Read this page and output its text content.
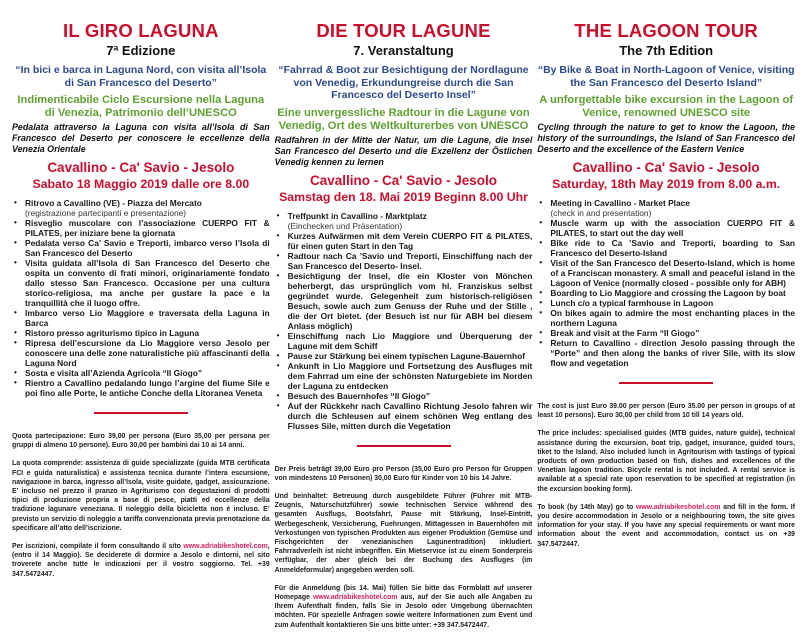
IL GIRO LAGUNA
7ª Edizione
“In bici e barca in Laguna Nord, con visita all’Isola di San Francesco del Deserto”
Indimenticabile Ciclo Escursione nella Laguna di Venezia, Patrimonio dell’UNESCO

Pedalata attraverso la Laguna con visita all’Isola di San Francesco del Deserto per conoscere le eccellenze della Venezia Orientale

Cavallino - Ca' Savio - Jesolo
Sabato 18 Maggio 2019 dalle ore 8.00
• Ritrovo a Cavallino (VE) - Piazza del Mercato
(registrazione partecipanti e presentazione)
• Risveglio muscolare con l’associazione CUERPO FIT & PILATES, per iniziare bene la giornata
• Pedalata verso Ca’ Savio e Treporti, imbarco verso l’Isola di San Francesco del Deserto
• Visita guidata all’Isola di San Francesco del Deserto che ospita un convento di frati minori, originariamente fondato dallo stesso San Francesco. Occasione per una cultura storico-religiosa, ma anche per gustare la pace e la tranquillità che il luogo offre.
• Imbarco verso Lio Maggiore e traversata della Laguna in Barca
• Ristoro presso agriturismo tipico in Laguna
• Ripresa dell’escursione da Lio Maggiore verso Jesolo per conoscere una delle zone naturalistiche più affascinanti della Laguna Nord
• Sosta e visita all’Azienda Agricola “Il Giogo”
• Rientro a Cavallino pedalando lungo l’argine del fiume Sile e poi fino alle Porte, le antiche Conche della Litoranea Veneta

Quota partecipazione: Euro 39,00 per persona (Euro 35,00 per persona per gruppi di almeno 10 persone). Euro 30,00 per bambini dai 10 ai 14 anni.

La quota comprende: assistenza di guide specializzate (guida MTB certificata FCI e guida naturalistica) e assistenza tecnica durante l’intera escursione, navigazione in barca, ingresso all’Isola, visite guidate, gadget, assicurazione. E’ incluso nel prezzo il pranzo in Agriturismo con degustazioni di prodotti tipici di produzione propria a base di pesce, piatti ed eccellenze della tradizione lagunare veneziana. Il noleggio della bicicletta non è incluso. E’ previsto un servizio di noleggio a tariffa convenzionata previa prenotazione da specificare all’atto dell’iscrizione.

Per iscrizioni, compilate il form consultando il sito www.adriabikeshotel.com, (entro il 14 Maggio). Se deciderete di dormire a Jesolo e dintorni, nel sito troverete anche tutte le indicazioni per il vostro soggiorno. Tel. +39 347.5472447.

DIE TOUR LAGUNE
7. Veranstaltung
“Fahrrad & Boot zur Besichtigung der Nordlagune von Venedig, Erkundungreise durch die San Francesco del Deserto Insel”
Eine unvergessliche Radtour in die Lagune von Venedig, Ort des Weltkulturerbes von UNESCO

Radfahren in der Mitte der Natur, um die Lagune, die Insel San Francesco del Deserto und die Exzellenz der Östlichen Venedig kennen zu lernen

Cavallino - Ca' Savio - Jesolo
Samstag den 18. Mai 2019 Beginn 8.00 Uhr
• Treffpunkt in Cavallino - Marktplatz
(Einchecken und Präsentation)
• Kurzes Aufwärmen mit dem Verein CUERPO FIT & PILATES, für einen guten Start in den Tag
• Radtour nach Ca ’Savio und Treporti, Einschiffung nach der San Francesco del Deserto- Insel.
• Besichtigung der Insel, die ein Kloster von Mönchen beherbergt, das ursprünglich vom hl. Franziskus selbst gegründet wurde. Gelegenheit zum historisch-religiösen Besuch, sowie auch zum Genuss der Ruhe und der Stille , die der Ort bietet. (der Besuch ist nur für ABH bei diesem Anlass möglich)
• Einschiffung nach Lio Maggiore und Überquerung der Lagune mit dem Schiff
• Pause zur Stärkung bei einem typischen Lagune-Bauernhof
• Ankunft in Lio Maggiore und Fortsetzung des Ausfluges mit dem Fahrrad um eine der schönsten Naturgebiete im Norden der Laguna zu entdecken
• Besuch des Bauernhofes “Il Giogo”
• Auf der Rückkehr nach Cavallino Richtung Jesolo fahren wir durch die Schleusen auf einem schönen Weg entlang des Flusses Sile, mitten durch die Vegetation

Der Preis beträgt 39,00 Euro pro Person (35,00 Euro pro Person für Gruppen von mindestens 10 Personen) 30,00 Euro für Kinder von 10 bis 14 Jahre.

Und beinhaltet: Betreuung durch ausgebildete Führer (Führer mit MTB-Zeugnis, Naturschutzführer) sowie technischen Service während des gesamten Ausflugs, Bootsfahrt, Pause mit Stärkung, Insel-Eintritt, Werbegeschenk, Versicherung, Fuehrungen. Mittagessen in Bauernhöfen mit Verkostungen von typischen Produkten aus eigener Produktion (Gemüse und Fischgerichten der venezianischen Lagunentradition) inkludiert. Fahrradverleih ist nicht inbegriffen. Ein Mietservice ist zu einem Sonderpreis verfügbar, der aber gleich bei der Buchung des Ausfluges (im Anmeldeformular) angegeben werden soll.

Für die Anmeldung (bis 14. Mai) füllen Sie bitte das Formblatt auf unserer Homepage www.adriabikeshotel.com aus, auf der Sie auch alle Angaben zu Ihrem Aufenthalt finden, falls Sie in Jesolo oder Umgebung übernachten möchten. Für spezielle Anfragen sowie weitere Informationen zum Event und zum Aufenthalt kontaktieren Sie uns bitte unter: +39 347.5472447.

THE LAGOON TOUR
The 7th Edition
“By Bike & Boat in North-Lagoon of Venice, visiting the San Francesco del Deserto Island”
A unforgettable bike excursion in the Lagoon of Venice, renowned UNESCO site

Cycling through the nature to get to know the Lagoon, the history of the surroundings, the Island of San Francesco del Deserto and the excellence of the Eastern Venice

Cavallino - Ca' Savio - Jesolo
Saturday, 18th May 2019 from 8.00 a.m.
• Meeting in Cavallino - Market Place
(check in and presentation)
• Muscle warm up with the association CUERPO FIT & PILATES, to start out the day well
• Bike ride to Ca ’Savio and Treporti, boarding to San Francesco del Deserto-Island
• Visit of the San Francesco del Deserto-Island, which is home of a Franciscan monastery. A small and peaceful island in the Lagoon of Venice (normally closed - possible only for ABH)
• Boarding to Lio Maggiore and crossing the Lagoon by boat
• Lunch c/o a typical farmhouse in Lagoon
• On bikes again to admire the most enchanting places in the northern Laguna
• Break and visit at the Farm “Il Giogo”
• Return to Cavallino - direction Jesolo passing through the “Porte” and then along the banks of river Sile, with its slow flow and vegetation

The cost is just Euro 39.00 per person (Euro 35.00 per person in groups of at least 10 persons). Euro 30,00 per child from 10 till 14 years old.

The price includes: specialised guides (MTB guides, nature guide), technical assistance during the excursion, boat trip, gadget, insurance, guided tours, tiket to the Island. Also included lunch in Agritourism with tastings of typical products of own production based on fish, dishes and excellences of the Venetian lagoon tradition. Bicycle rental is not included. A rental service is available at a special rate upon reservation to be specified at registration (in the excursion booking form).

To book (by 14th May) go to www.adriabikeshotel.com and fill in the form. If you desire accommodation in Jesolo or a neighbouring town, the site gives information for your stay. If you have any special requirements or want more information about the event and accommodation, contact us on +39 347.5472447.
